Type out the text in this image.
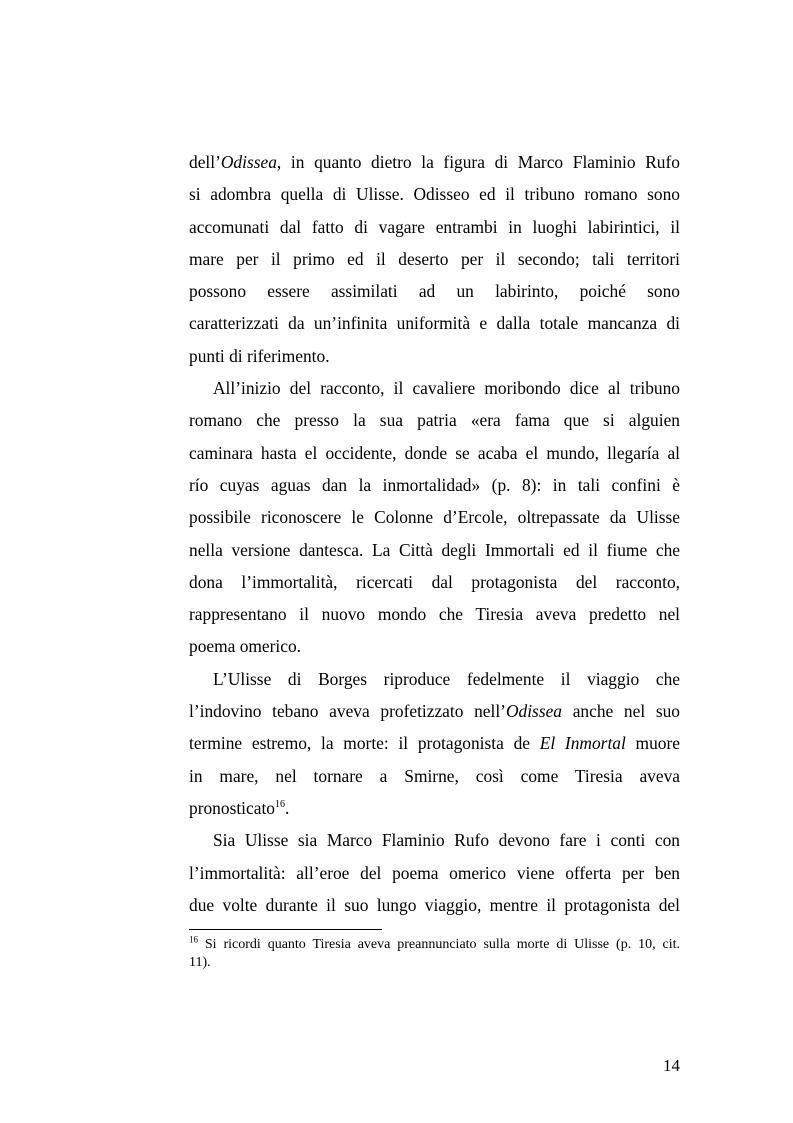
dell’Odissea, in quanto dietro la figura di Marco Flaminio Rufo
si adombra quella di Ulisse. Odisseo ed il tribuno romano sono
accomunati dal fatto di vagare entrambi in luoghi labirintici, il
mare per il primo ed il deserto per il secondo; tali territori
possono essere assimilati ad un labirinto, poiché sono
caratterizzati da un’infinita uniformità e dalla totale mancanza di
punti di riferimento.
All’inizio del racconto, il cavaliere moribondo dice al tribuno
romano che presso la sua patria «era fama que si alguien
caminara hasta el occidente, donde se acaba el mundo, llegaría al
río cuyas aguas dan la inmortalidad» (p. 8): in tali confini è
possibile riconoscere le Colonne d’Ercole, oltrepassate da Ulisse
nella versione dantesca. La Città degli Immortali ed il fiume che
dona l’immortalità, ricercati dal protagonista del racconto,
rappresentano il nuovo mondo che Tiresia aveva predetto nel
poema omerico.
L’Ulisse di Borges riproduce fedelmente il viaggio che
l’indovino tebano aveva profetizzato nell’Odissea anche nel suo
termine estremo, la morte: il protagonista de El Inmortal muore
in mare, nel tornare a Smirne, così come Tiresia aveva
pronosticato$^{16}$.
Sia Ulisse sia Marco Flaminio Rufo devono fare i conti con
l’immortalità: all’eroe del poema omerico viene offerta per ben
due volte durante il suo lungo viaggio, mentre il protagonista del
$^{16}$ Si ricordi quanto Tiresia aveva preannunciato sulla morte di Ulisse (p. 10, cit.
11).
14
